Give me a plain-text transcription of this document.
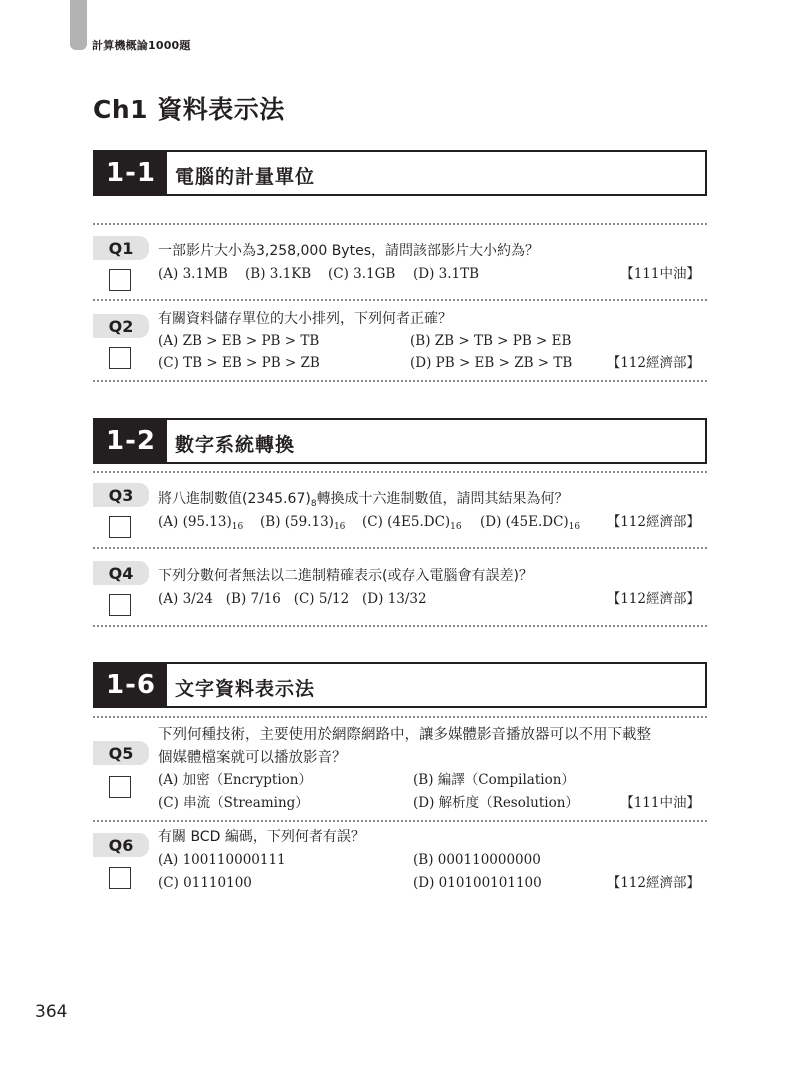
計算機概論1000題
Ch1 資料表示法
1-1	電腦的計量單位
Q1	一部影片大小為3,258,000 Bytes，請問該部影片大小約為？
(A) 3.1MB (B) 3.1KB (C) 3.1GB (D) 3.1TB	【111中油】
Q2	有關資料儲存單位的大小排列，下列何者正確？
(A) ZB > EB > PB > TB	(B) ZB > TB > PB > EB
(C) TB > EB > PB > ZB	(D) PB > EB > ZB > TB	【112經濟部】
1-2	數字系統轉換
Q3	將八進制數值$(2345.67)_8$轉換成十六進制數值，請問其結果為何？
(A) $(95.13)_{16}$ (B) $(59.13)_{16}$ (C) $(4E5.DC)_{16}$ (D) $(45E.DC)_{16}$ 【112經濟部】
Q4	下列分數何者無法以二進制精確表示(或存入電腦會有誤差)？
(A) 3/24   (B) 7/16   (C) 5/12   (D) 13/32	【112經濟部】
1-6	文字資料表示法
Q5
下列何種技術，主要使用於網際網路中，讓多媒體影音播放器可以不用下載整
個媒體檔案就可以播放影音？
(A) 加密（Encryption）	(B) 編譯（Compilation）
(C) 串流（Streaming）	(D) 解析度（Resolution）	【111中油】
Q6	有關 BCD 編碼，下列何者有誤？
(A) 100110000111	(B) 000110000000
(C) 01110100	(D) 010100101100	【112經濟部】
364
